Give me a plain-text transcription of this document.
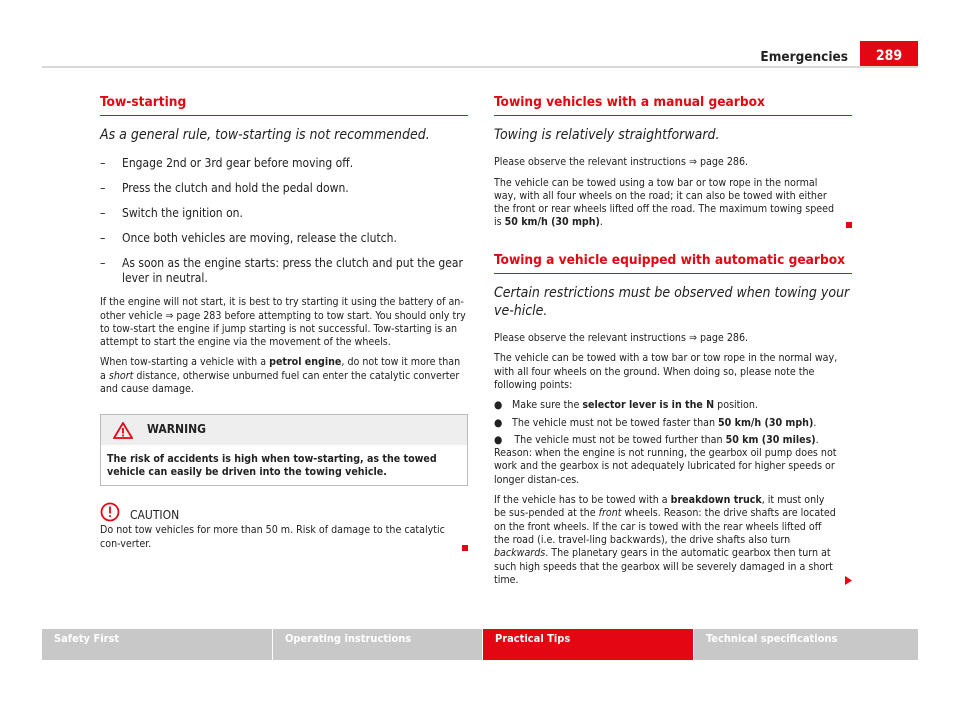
Emergencies	289
Tow-starting
As a general rule, tow-starting is not recommended.
– Engage 2nd or 3rd gear before moving off.
– Press the clutch and hold the pedal down.
– Switch the ignition on.
– Once both vehicles are moving, release the clutch.
– As soon as the engine starts: press the clutch and put the gear lever in neutral.

If the engine will not start, it is best to try starting it using the battery of an-other vehicle ⇒ page 283 before attempting to tow start. You should only try to tow-start the engine if jump starting is not successful. Tow-starting is an attempt to start the engine via the movement of the wheels.

When tow-starting a vehicle with a petrol engine, do not tow it more than a short distance, otherwise unburned fuel can enter the catalytic converter and cause damage.

WARNING
The risk of accidents is high when tow-starting, as the towed vehicle can easily be driven into the towing vehicle.
CAUTION

Do not tow vehicles for more than 50 m. Risk of damage to the catalytic con-verter.

Towing vehicles with a manual gearbox
Towing is relatively straightforward.

Please observe the relevant instructions ⇒ page 286.

The vehicle can be towed using a tow bar or tow rope in the normal way, with all four wheels on the road; it can also be towed with either the front or rear wheels lifted off the road. The maximum towing speed is 50 km/h (30 mph).

Towing a vehicle equipped with automatic gearbox
Certain restrictions must be observed when towing your ve-hicle.

Please observe the relevant instructions ⇒ page 286.

The vehicle can be towed with a tow bar or tow rope in the normal way, with all four wheels on the ground. When doing so, please note the following points:

● Make sure the selector lever is in the N position.
● The vehicle must not be towed faster than 50 km/h (30 mph).
● The vehicle must not be towed further than 50 km (30 miles). Reason: when the engine is not running, the gearbox oil pump does not work and the gearbox is not adequately lubricated for higher speeds or longer distan-ces.

If the vehicle has to be towed with a breakdown truck, it must only be sus-pended at the front wheels. Reason: the drive shafts are located on the front wheels. If the car is towed with the rear wheels lifted off the road (i.e. travel-ling backwards), the drive shafts also turn backwards. The planetary gears in the automatic gearbox then turn at such high speeds that the gearbox will be severely damaged in a short time.

Safety First	Operating instructions	Practical Tips	Technical specifications
